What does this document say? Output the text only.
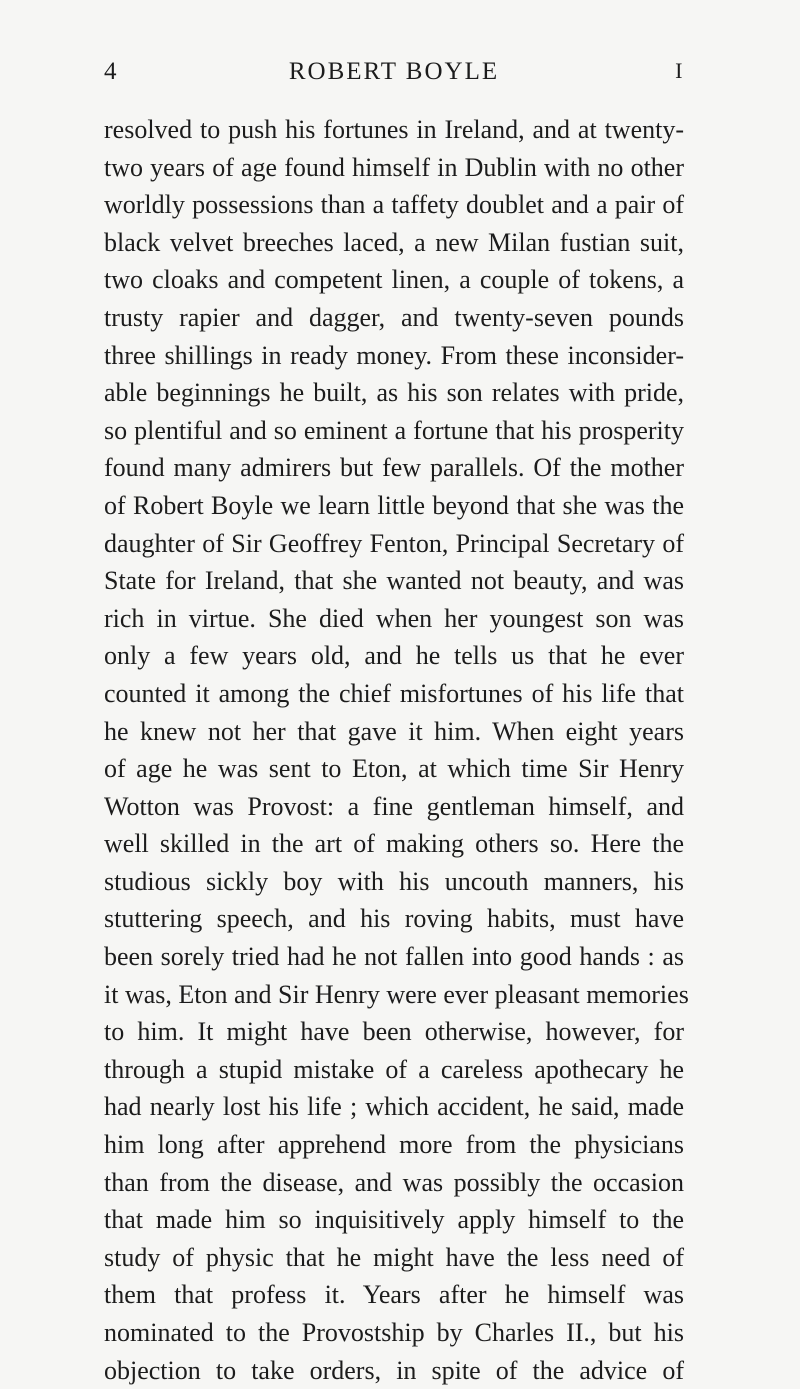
4	ROBERT BOYLE	I
resolved to push his fortunes in Ireland, and at twenty-
two years of age found himself in Dublin with no other
worldly possessions than a taffety doublet and a pair of
black velvet breeches laced, a new Milan fustian suit,
two cloaks and competent linen, a couple of tokens, a
trusty rapier and dagger, and twenty-seven pounds
three shillings in ready money. From these inconsider-
able beginnings he built, as his son relates with pride,
so plentiful and so eminent a fortune that his prosperity
found many admirers but few parallels. Of the mother
of Robert Boyle we learn little beyond that she was the
daughter of Sir Geoffrey Fenton, Principal Secretary of
State for Ireland, that she wanted not beauty, and was
rich in virtue. She died when her youngest son was
only a few years old, and he tells us that he ever
counted it among the chief misfortunes of his life that
he knew not her that gave it him. When eight years
of age he was sent to Eton, at which time Sir Henry
Wotton was Provost: a fine gentleman himself, and
well skilled in the art of making others so. Here the
studious sickly boy with his uncouth manners, his
stuttering speech, and his roving habits, must have
been sorely tried had he not fallen into good hands : as
it was, Eton and Sir Henry were ever pleasant memories
to him. It might have been otherwise, however, for
through a stupid mistake of a careless apothecary he
had nearly lost his life ; which accident, he said, made
him long after apprehend more from the physicians
than from the disease, and was possibly the occasion
that made him so inquisitively apply himself to the
study of physic that he might have the less need of
them that profess it. Years after he himself was
nominated to the Provostship by Charles II., but his
objection to take orders, in spite of the advice of
